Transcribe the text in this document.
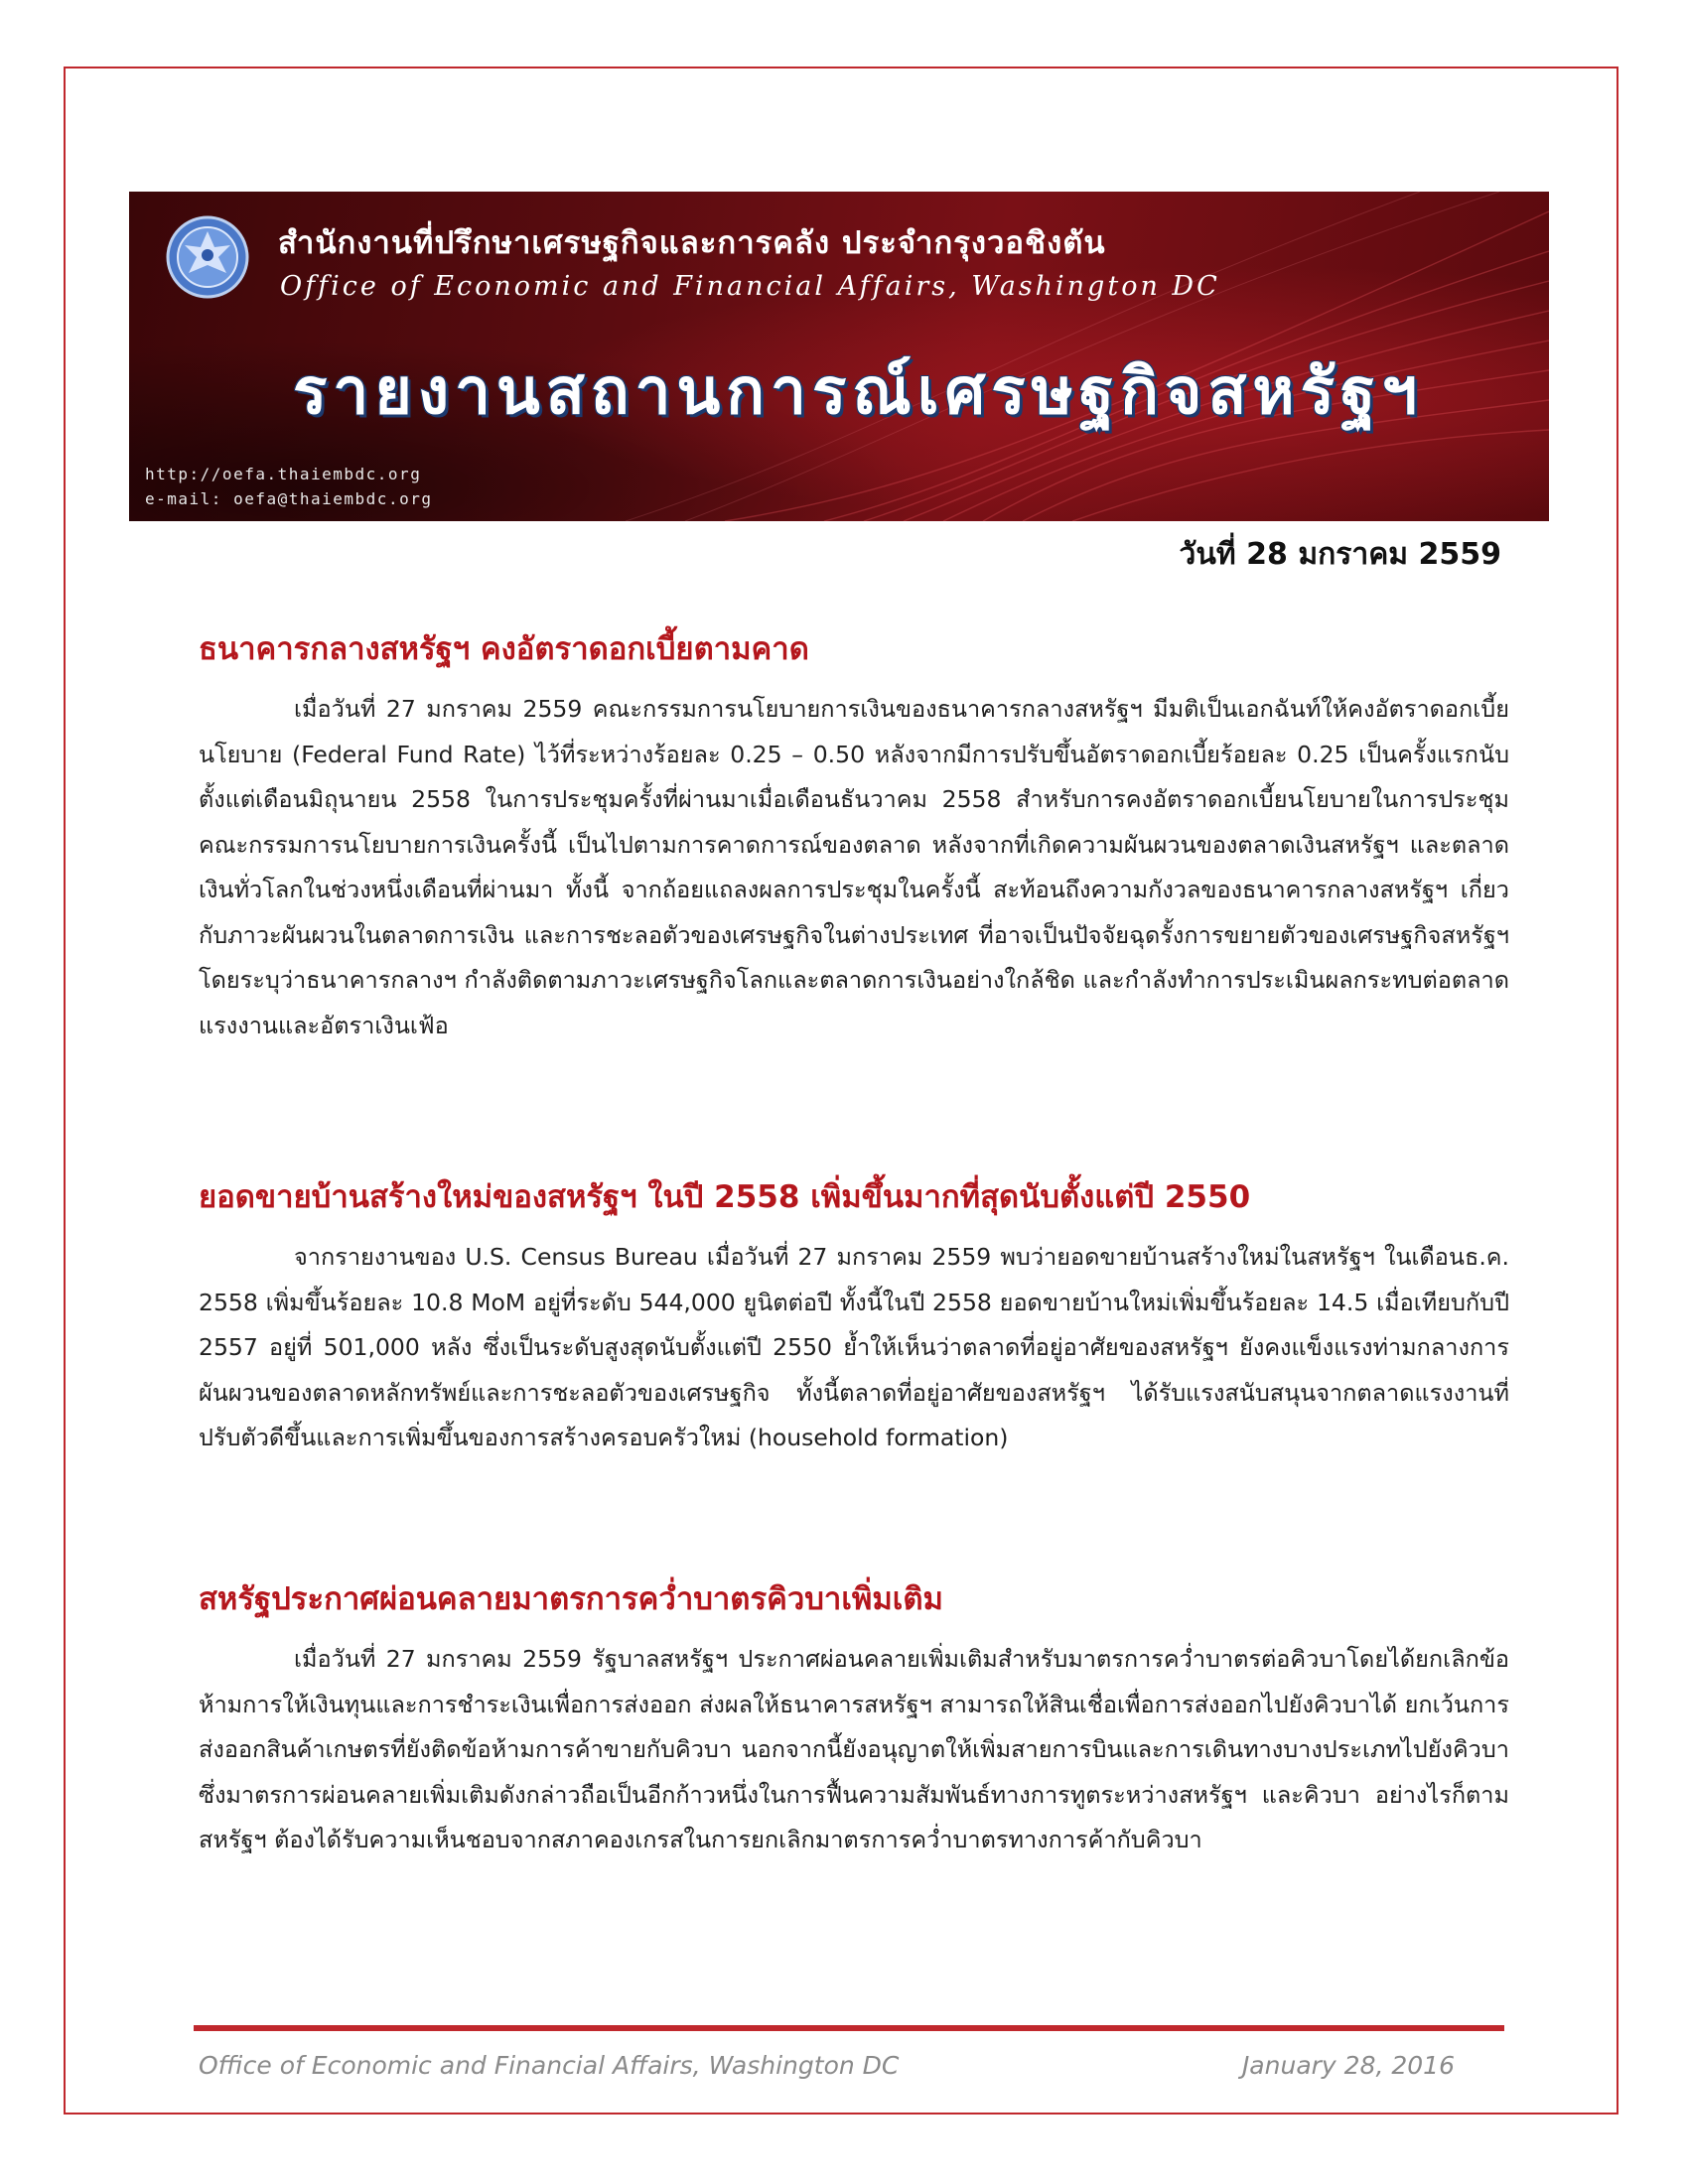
สำนักงานที่ปรึกษาเศรษฐกิจและการคลัง ประจำกรุงวอชิงตัน
Office of Economic and Financial Affairs, Washington DC
รายงานสถานการณ์เศรษฐกิจสหรัฐฯ
http://oefa.thaiembdc.org
e-mail: oefa@thaiembdc.org
วันที่ 28 มกราคม 2559
ธนาคารกลางสหรัฐฯ คงอัตราดอกเบี้ยตามคาด

เมื่อวันที่ 27 มกราคม 2559 คณะกรรมการนโยบายการเงินของธนาคารกลางสหรัฐฯ มีมติเป็นเอกฉันท์ให้คงอัตราดอกเบี้ยนโยบาย (Federal Fund Rate) ไว้ที่ระหว่างร้อยละ 0.25 – 0.50 หลังจากมีการปรับขึ้นอัตราดอกเบี้ยร้อยละ 0.25 เป็นครั้งแรกนับตั้งแต่เดือนมิถุนายน 2558 ในการประชุมครั้งที่ผ่านมาเมื่อเดือนธันวาคม 2558 สำหรับการคงอัตราดอกเบี้ยนโยบายในการประชุมคณะกรรมการนโยบายการเงินครั้งนี้ เป็นไปตามการคาดการณ์ของตลาด หลังจากที่เกิดความผันผวนของตลาดเงินสหรัฐฯ และตลาดเงินทั่วโลกในช่วงหนึ่งเดือนที่ผ่านมา ทั้งนี้ จากถ้อยแถลงผลการประชุมในครั้งนี้ สะท้อนถึงความกังวลของธนาคารกลางสหรัฐฯ เกี่ยวกับภาวะผันผวนในตลาดการเงิน และการชะลอตัวของเศรษฐกิจในต่างประเทศ ที่อาจเป็นปัจจัยฉุดรั้งการขยายตัวของเศรษฐกิจสหรัฐฯ โดยระบุว่าธนาคารกลางฯ กำลังติดตามภาวะเศรษฐกิจโลกและตลาดการเงินอย่างใกล้ชิด และกำลังทำการประเมินผลกระทบต่อตลาดแรงงานและอัตราเงินเฟ้อ

ยอดขายบ้านสร้างใหม่ของสหรัฐฯ ในปี 2558 เพิ่มขึ้นมากที่สุดนับตั้งแต่ปี 2550

จากรายงานของ U.S. Census Bureau เมื่อวันที่ 27 มกราคม 2559 พบว่ายอดขายบ้านสร้างใหม่ในสหรัฐฯ ในเดือนธ.ค. 2558 เพิ่มขึ้นร้อยละ 10.8 MoM อยู่ที่ระดับ 544,000 ยูนิตต่อปี ทั้งนี้ในปี 2558 ยอดขายบ้านใหม่เพิ่มขึ้นร้อยละ 14.5 เมื่อเทียบกับปี 2557 อยู่ที่ 501,000 หลัง ซึ่งเป็นระดับสูงสุดนับตั้งแต่ปี 2550 ย้ำให้เห็นว่าตลาดที่อยู่อาศัยของสหรัฐฯ ยังคงแข็งแรงท่ามกลางการผันผวนของตลาดหลักทรัพย์และการชะลอตัวของเศรษฐกิจ ทั้งนี้ตลาดที่อยู่อาศัยของสหรัฐฯ ได้รับแรงสนับสนุนจากตลาดแรงงานที่ปรับตัวดีขึ้นและการเพิ่มขึ้นของการสร้างครอบครัวใหม่ (household formation)

สหรัฐประกาศผ่อนคลายมาตรการคว่ำบาตรคิวบาเพิ่มเติม

เมื่อวันที่ 27 มกราคม 2559 รัฐบาลสหรัฐฯ ประกาศผ่อนคลายเพิ่มเติมสำหรับมาตรการคว่ำบาตรต่อคิวบาโดยได้ยกเลิกข้อห้ามการให้เงินทุนและการชำระเงินเพื่อการส่งออก ส่งผลให้ธนาคารสหรัฐฯ สามารถให้สินเชื่อเพื่อการส่งออกไปยังคิวบาได้ ยกเว้นการส่งออกสินค้าเกษตรที่ยังติดข้อห้ามการค้าขายกับคิวบา นอกจากนี้ยังอนุญาตให้เพิ่มสายการบินและการเดินทางบางประเภทไปยังคิวบา ซึ่งมาตรการผ่อนคลายเพิ่มเติมดังกล่าวถือเป็นอีกก้าวหนึ่งในการฟื้นความสัมพันธ์ทางการทูตระหว่างสหรัฐฯ และคิวบา อย่างไรก็ตามสหรัฐฯ ต้องได้รับความเห็นชอบจากสภาคองเกรสในการยกเลิกมาตรการคว่ำบาตรทางการค้ากับคิวบา

Office of Economic and Financial Affairs, Washington DC	January 28, 2016
